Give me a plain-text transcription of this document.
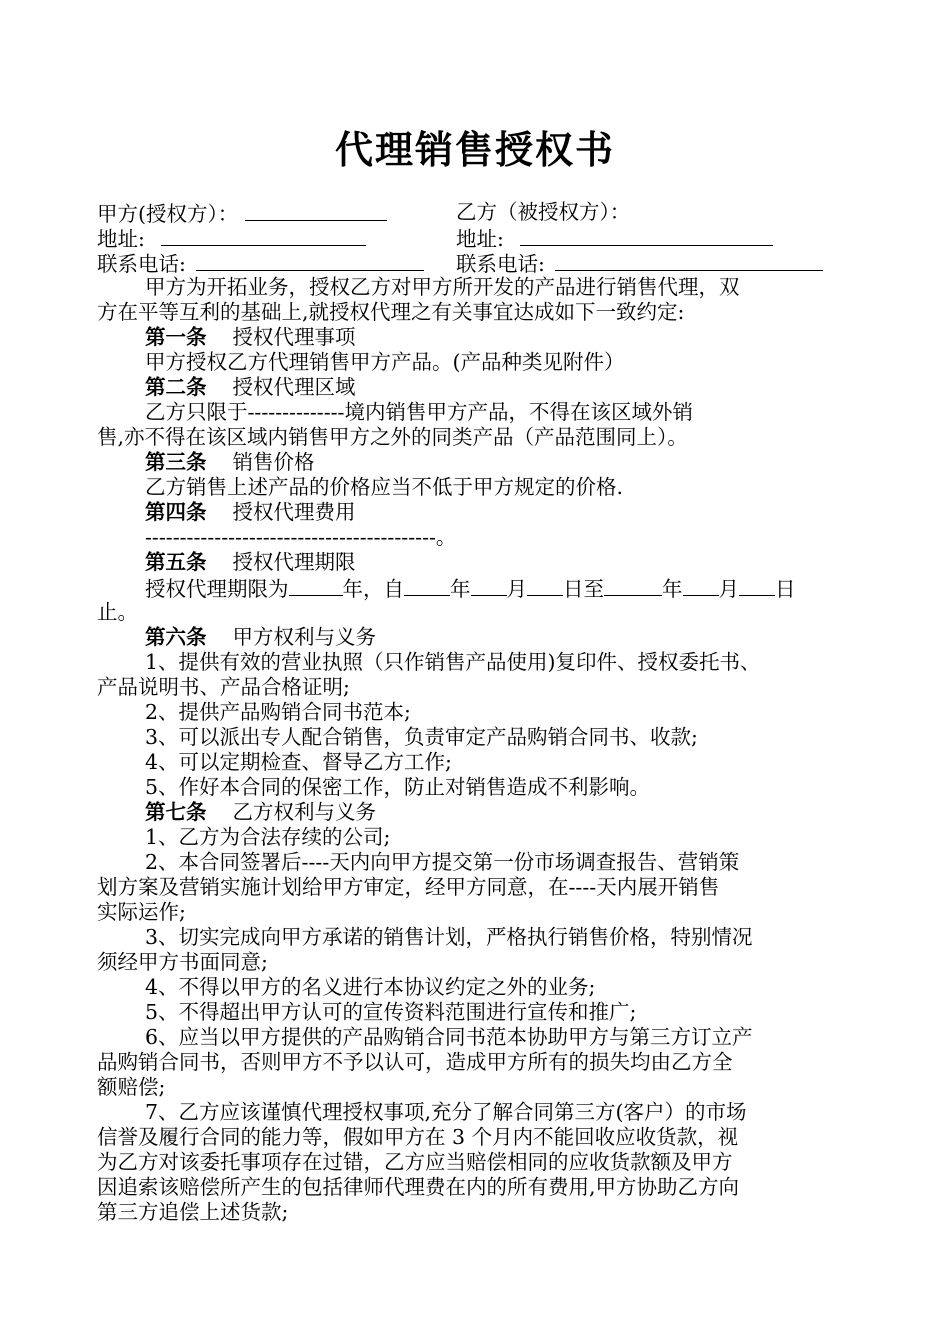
代理销售授权书
甲方(授权方）：	乙方（被授权方）：
地址:	地址:
联系电话:	联系电话:
甲方为开拓业务，授权乙方对甲方所开发的产品进行销售代理，双
方在平等互利的基础上,就授权代理之有关事宜达成如下一致约定:
第一条 授权代理事项
甲方授权乙方代理销售甲方产品。(产品种类见附件）
第二条 授权代理区域
乙方只限于--------------境内销售甲方产品，不得在该区域外销
售,亦不得在该区域内销售甲方之外的同类产品（产品范围同上）。
第三条 销售价格
乙方销售上述产品的价格应当不低于甲方规定的价格.
第四条 授权代理费用
------------------------------------------。
第五条 授权代理期限
授权代理期限为	年，自 年 月 日至	年 月 日
止。
第六条 甲方权利与义务
1、提供有效的营业执照（只作销售产品使用)复印件、授权委托书、
产品说明书、产品合格证明;
2、提供产品购销合同书范本;
3、可以派出专人配合销售，负责审定产品购销合同书、收款;
4、可以定期检查、督导乙方工作;
5、作好本合同的保密工作，防止对销售造成不利影响。
第七条 乙方权利与义务
1、乙方为合法存续的公司;
2、本合同签署后----天内向甲方提交第一份市场调查报告、营销策
划方案及营销实施计划给甲方审定，经甲方同意，在----天内展开销售
实际运作;
3、切实完成向甲方承诺的销售计划，严格执行销售价格，特别情况
须经甲方书面同意;
4、不得以甲方的名义进行本协议约定之外的业务;
5、不得超出甲方认可的宣传资料范围进行宣传和推广;
6、应当以甲方提供的产品购销合同书范本协助甲方与第三方订立产
品购销合同书，否则甲方不予以认可，造成甲方所有的损失均由乙方全
额赔偿;
7、乙方应该谨慎代理授权事项,充分了解合同第三方(客户）的市场
信誉及履行合同的能力等，假如甲方在 3 个月内不能回收应收货款，视
为乙方对该委托事项存在过错，乙方应当赔偿相同的应收货款额及甲方
因追索该赔偿所产生的包括律师代理费在内的所有费用,甲方协助乙方向
第三方追偿上述货款;
